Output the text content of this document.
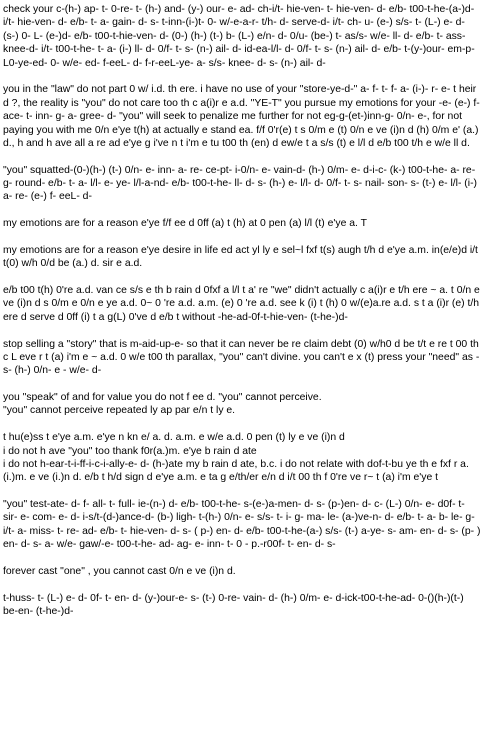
check your c-(h-) ap- t- 0-re- t- (h-) and- (y-) our- e- ad- ch-i/t- hie-ven- t- hie-ven- d- e/b- t00-t-he-(a-)d- i/t- hie-ven- d- e/b- t- a- gain- d- s- t-inn-(i-)t- 0- w/-e-a-r- t/h- d- serve-d- i/t- ch- u- (e-) s/s- t- (L-) e- d- (s-) 0- L- (e-)d- e/b- t00-t-hie-ven- d- (0-) (h-) (t-) b- (L-) e/n- d- 0/u- (be-) t- as/s- w/e- ll- d- e/b- t- ass- knee-d- i/t- t00-t-he- t- a- (i-) ll- d- 0/f- t- s- (n-) ail- d- id-ea-l/l- d- 0/f- t- s- (n-) ail- d- e/b- t-(y-)our- em-p-L0-ye-ed- 0- w/e- ed- f-eeL- d- f-r-eeL-ye- a- s/s- knee- d- s- (n-) ail- d-
you in the "law" do not part 0 w/ i.d. th ere. i have no use of your "store-ye-d-" a- f- t- f- a- (i-)- r- e- t heir d ?, the reality is "you" do not care too th c a(i)r e a.d. "YE-T" you pursue my emotions for your -e- (e-) f- ace- t- inn- g- a- gree- d- "you" will seek to penalize me further for not eg-g-(et-)inn-g- 0/n- e-, for not paying you with me 0/n e'ye t(h) at actually e stand ea. f/f 0'r(e) t s 0/m e (t) 0/n e ve (i)n d (h) 0/m e' (a.) d., h and h ave all a re ad e'ye g i've n t i'm e tu t00 th (en) d ew/e t a s/s (t) e l/l d e/b t00 t/h e w/e ll d.
"you" squatted-(0-)(h-) (t-) 0/n- e- inn- a- re- ce-pt- i-0/n- e- vain-d- (h-) 0/m- e- d-i-c- (k-) t00-t-he- a- re- g- round- e/b- t- a- l/l- e- ye- l/l-a-nd- e/b- t00-t-he- ll- d- s- (h-) e- l/l- d- 0/f- t- s- nail- son- s- (t-) e- l/l- (i-) a- re- (e-) f- eeL- d-
my emotions are for a reason e'ye f/f ee d 0ff (a) t (h) at 0 pen (a) l/l (t) e'ye a. T
my emotions are for a reason e'ye desire in life ed act yl ly e sel~l fxf t(s) augh t/h d e'ye a.m. in(e/e)d i/t t(0) w/h 0/d be (a.) d. sir e a.d.
e/b t00 t(h) 0're a.d. van ce s/s e th b rain d 0fxf a l/l t a' re "we" didn't actually c a(i)r e t/h ere ~ a. t 0/n e ve (i)n d s 0/m e 0/n e ye a.d. 0~ 0 're a.d. a.m. (e) 0 're a.d. see k (i) t (h) 0 w/(e)a.re a.d. s t a (i)r (e) t/h ere d serve d 0ff (i) t a g(L) 0've d e/b t without -he-ad-0f-t-hie-ven- (t-he-)d-
stop selling a "story" that is m-aid-up-e- so that it can never be re claim debt (0) w/h0 d be t/t e re t 00 th c L eve r t (a) i'm e ~ a.d. 0 w/e t00 th parallax, "you" can't divine. you can't e x (t) press your "need" as - s- (h-) 0/n- e - w/e- d-
you "speak" of and for value you do not f ee d. "you" cannot perceive.
"you" cannot perceive repeated ly ap par e/n t ly e.
t hu(e)ss t e'ye a.m. e'ye n kn e/ a. d. a.m. e w/e a.d. 0 pen (t) ly e ve (i)n d
i do not h ave "you" too thank f0r(a.)m. e'ye b rain d ate
i do not h-ear-t-i-ff-i-c-i-ally-e- d- (h-)ate my b rain d ate, b.c. i do not relate with dof-t-bu ye th e fxf r a.(i.)m. e ve (i.)n d. e/b t h/d sign d e'ye a.m. e ta g e/th/er e/n d i/t 00 th f 0're ve r~ t (a) i'm e'ye t
"you" test-ate- d- f- all- t- full- ie-(n-) d- e/b- t00-t-he- s-(e-)a-men- d- s- (p-)en- d- c- (L-) 0/n- e- d0f- t- sir- e- com- e- d- i-s/t-(d-)ance-d- (b-) ligh- t-(h-) 0/n- e- s/s- t- i- g- ma- le- (a-)ve-n- d- e/b- t- a- b- le- g- i/t- a- miss- t- re- ad- e/b- t- hie-ven- d- s- ( p-) en- d- e/b- t00-t-he-(a-) s/s- (t-) a-ye- s- am- en- d- s- (p- ) en- d- s- a- w/e- gaw/-e- t00-t-he- ad- ag- e- inn- t- 0 - p.-r00f- t- en- d- s-
forever cast "one" , you cannot cast 0/n e ve (i)n d.
t-huss- t- (L-) e- d- 0f- t- en- d- (y-)our-e- s- (t-) 0-re- vain- d- (h-) 0/m- e- d-ick-t00-t-he-ad- 0-()(h-)(t-) be-en- (t-he-)d-
